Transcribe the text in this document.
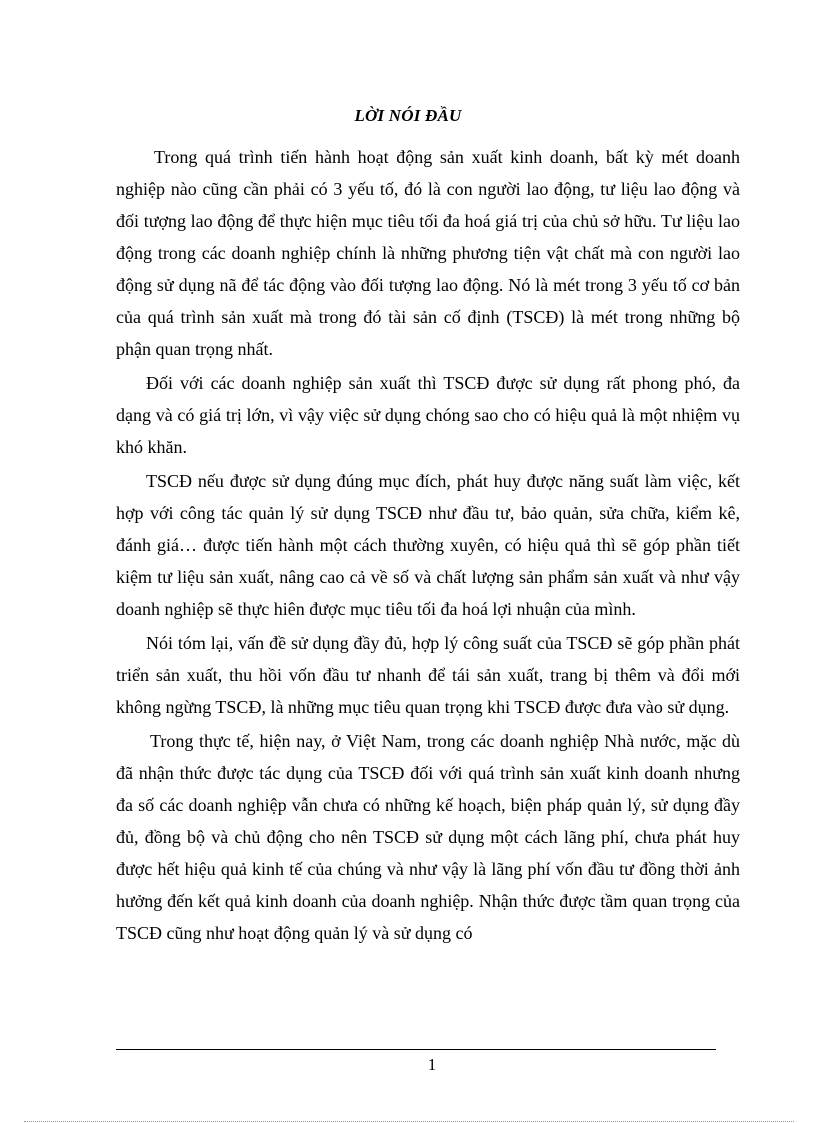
LỜI NÓI ĐẦU

Trong quá trình tiến hành hoạt động sản xuất kinh doanh, bất kỳ mét doanh nghiệp nào cũng cần phải có 3 yếu tố, đó là con người lao động, tư liệu lao động và đối tượng lao động để thực hiện mục tiêu tối đa hoá giá trị của chủ sở hữu. Tư liệu lao động trong các doanh nghiệp chính là những phương tiện vật chất mà con người lao động sử dụng nã để tác động vào đối tượng lao động. Nó là mét trong 3 yếu tố cơ bản của quá trình sản xuất mà trong đó tài sản cố định (TSCĐ) là mét trong những bộ phận quan trọng nhất.

Đối với các doanh nghiệp sản xuất thì TSCĐ được sử dụng rất phong phó, đa dạng và có giá trị lớn, vì vậy việc sử dụng chóng sao cho có hiệu quả là một nhiệm vụ khó khăn.

TSCĐ nếu được sử dụng đúng mục đích, phát huy được năng suất làm việc, kết hợp với công tác quản lý sử dụng TSCĐ như đầu tư, bảo quản, sửa chữa, kiểm kê, đánh giá… được tiến hành một cách thường xuyên, có hiệu quả thì sẽ góp phần tiết kiệm tư liệu sản xuất, nâng cao cả về số và chất lượng sản phẩm sản xuất và như vậy doanh nghiệp sẽ thực hiên được mục tiêu tối đa hoá lợi nhuận của mình.

Nói tóm lại, vấn đề sử dụng đầy đủ, hợp lý công suất của TSCĐ sẽ góp phần phát triển sản xuất, thu hồi vốn đầu tư nhanh để tái sản xuất, trang bị thêm và đổi mới không ngừng TSCĐ, là những mục tiêu quan trọng khi TSCĐ được đưa vào sử dụng.

Trong thực tế, hiện nay, ở Việt Nam, trong các doanh nghiệp Nhà nước, mặc dù đã nhận thức được tác dụng của TSCĐ đối với quá trình sản xuất kinh doanh nhưng đa số các doanh nghiệp vẫn chưa có những kế hoạch, biện pháp quản lý, sử dụng đầy đủ, đồng bộ và chủ động cho nên TSCĐ sử dụng một cách lãng phí, chưa phát huy được hết hiệu quả kinh tế của chúng và như vậy là lãng phí vốn đầu tư đồng thời ảnh hưởng đến kết quả kinh doanh của doanh nghiệp. Nhận thức được tầm quan trọng của TSCĐ cũng như hoạt động quản lý và sử dụng có

1
